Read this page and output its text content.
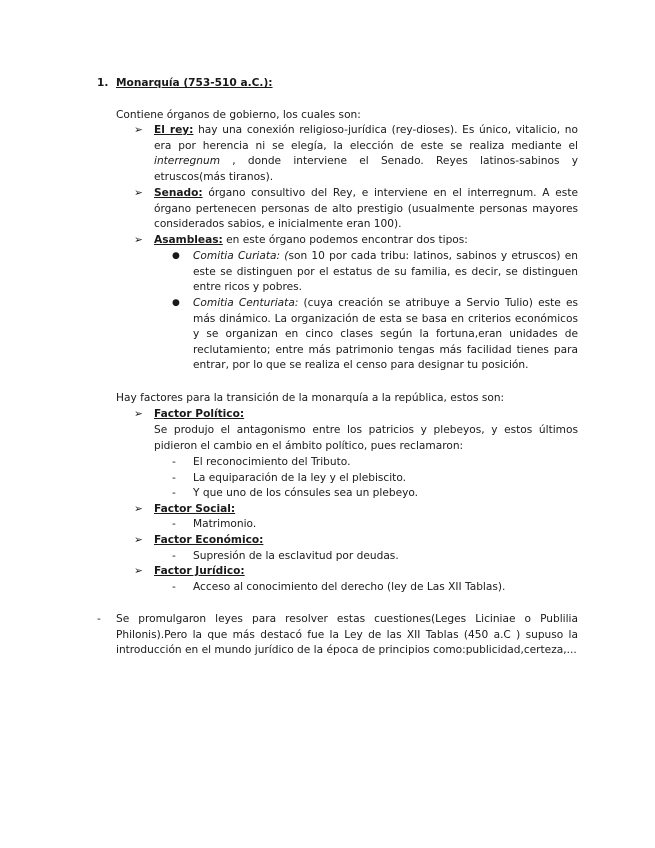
1. Monarquía (753-510 a.C.):
Contiene órganos de gobierno, los cuales son:
➢ El rey: hay una conexión religioso-jurídica (rey-dioses). Es único, vitalicio, no era por herencia ni se elegía, la elección de este se realiza mediante el interregnum , donde interviene el Senado. Reyes latinos-sabinos y etruscos(más tiranos).
➢ Senado: órgano consultivo del Rey, e interviene en el interregnum. A este órgano pertenecen personas de alto prestigio (usualmente personas mayores considerados sabios, e inicialmente eran 100).
➢ Asambleas: en este órgano podemos encontrar dos tipos:
● Comitia Curiata: (son 10 por cada tribu: latinos, sabinos y etruscos) en este se distinguen por el estatus de su familia, es decir, se distinguen entre ricos y pobres.
● Comitia Centuriata: (cuya creación se atribuye a Servio Tulio) este es más dinámico. La organización de esta se basa en criterios económicos y se organizan en cinco clases según la fortuna,eran unidades de reclutamiento; entre más patrimonio tengas más facilidad tienes para entrar, por lo que se realiza el censo para designar tu posición.
Hay factores para la transición de la monarquía a la república, estos son:
➢ Factor Político:
Se produjo el antagonismo entre los patricios y plebeyos, y estos últimos pidieron el cambio en el ámbito político, pues reclamaron:
- El reconocimiento del Tributo.
- La equiparación de la ley y el plebiscito.
- Y que uno de los cónsules sea un plebeyo.
➢ Factor Social:
- Matrimonio.
➢ Factor Económico:
- Supresión de la esclavitud por deudas.
➢ Factor Jurídico:
- Acceso al conocimiento del derecho (ley de Las XII Tablas).
- Se promulgaron leyes para resolver estas cuestiones(Leges Liciniae o Publilia Philonis).Pero la que más destacó fue la Ley de las XII Tablas (450 a.C ) supuso la introducción en el mundo jurídico de la época de principios como:publicidad,certeza,...
